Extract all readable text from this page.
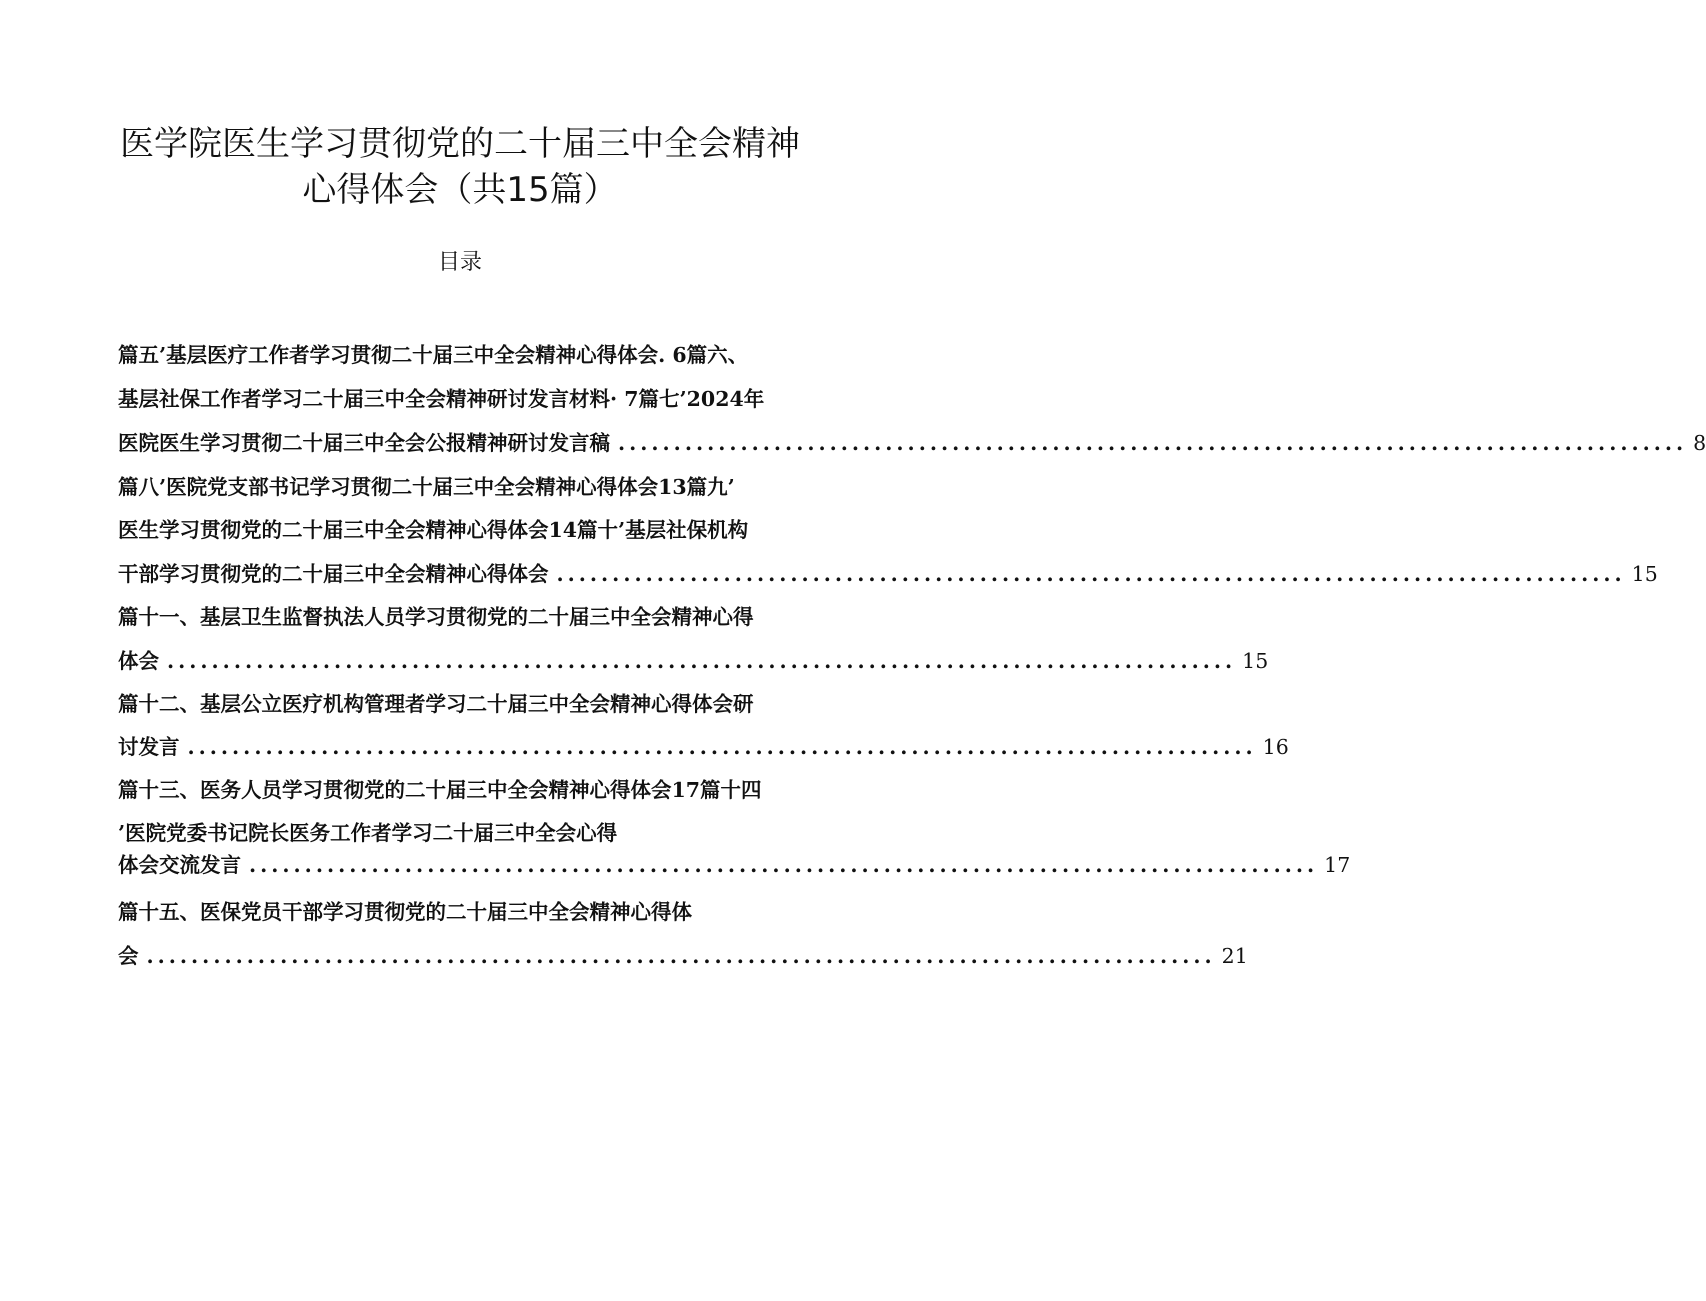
医学院医生学习贯彻党的二十届三中全会精神
心得体会（共15篇）
目录
篇五’基层医疗工作者学习贯彻二十届三中全会精神心得体会. 6篇六、
基层社保工作者学习二十届三中全会精神研讨发言材料· 7篇七’2024年
医院医生学习贯彻二十届三中全会公报精神研讨发言稿 ................................................................................................ 8
篇八’医院党支部书记学习贯彻二十届三中全会精神心得体会13篇九’
医生学习贯彻党的二十届三中全会精神心得体会14篇十’基层社保机构
干部学习贯彻党的二十届三中全会精神心得体会 ................................................................................................ 15
篇十一、基层卫生监督执法人员学习贯彻党的二十届三中全会精神心得
体会 ................................................................................................ 15
篇十二、基层公立医疗机构管理者学习二十届三中全会精神心得体会研
讨发言 ................................................................................................ 16
篇十三、医务人员学习贯彻党的二十届三中全会精神心得体会17篇十四
’医院党委书记院长医务工作者学习二十届三中全会心得
体会交流发言 ................................................................................................ 17
篇十五、医保党员干部学习贯彻党的二十届三中全会精神心得体
会 ................................................................................................ 21
